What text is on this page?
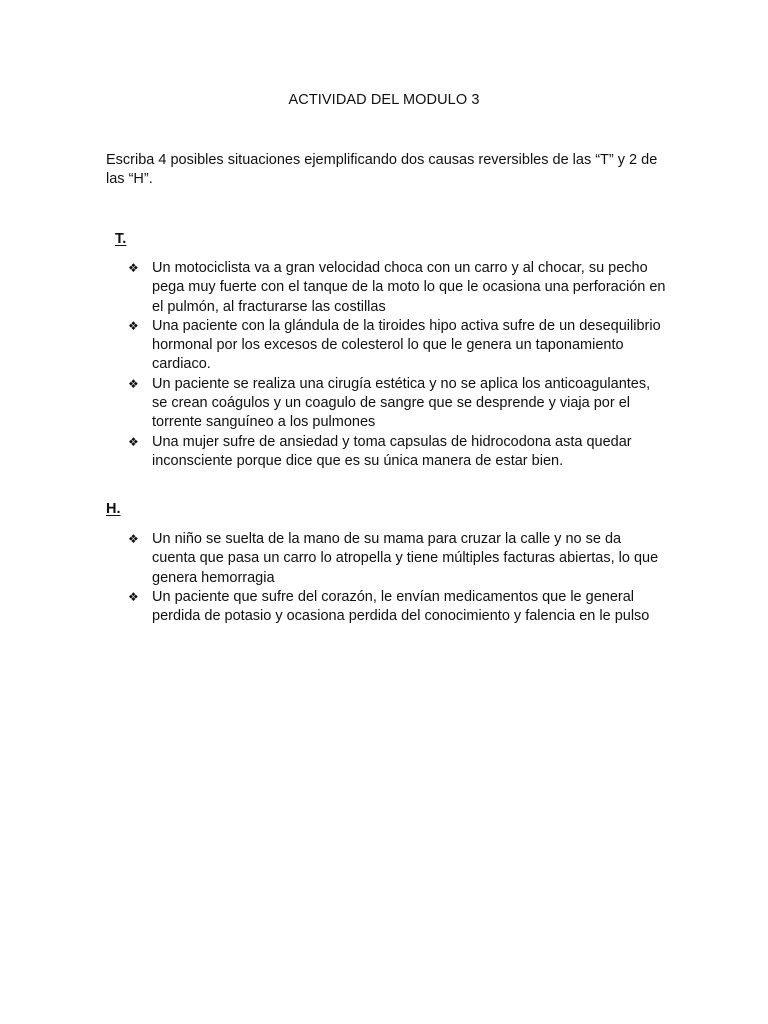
ACTIVIDAD DEL MODULO 3
Escriba 4 posibles situaciones ejemplificando dos causas reversibles de las “T” y 2 de las “H”.
T.
❖ Un motociclista va a gran velocidad choca con un carro y al chocar, su pecho pega muy fuerte con el tanque de la moto lo que le ocasiona una perforación en el pulmón, al fracturarse las costillas
❖ Una paciente con la glándula de la tiroides hipo activa sufre de un desequilibrio hormonal por los excesos de colesterol lo que le genera un taponamiento cardiaco.
❖ Un paciente se realiza una cirugía estética y no se aplica los anticoagulantes, se crean coágulos y un coagulo de sangre que se desprende y viaja por el torrente sanguíneo a los pulmones
❖ Una mujer sufre de ansiedad y toma capsulas de hidrocodona asta quedar inconsciente porque dice que es su única manera de estar bien.
H.
❖ Un niño se suelta de la mano de su mama para cruzar la calle y no se da cuenta que pasa un carro lo atropella y tiene múltiples facturas abiertas, lo que genera hemorragia
❖ Un paciente que sufre del corazón, le envían medicamentos que le general perdida de potasio y ocasiona perdida del conocimiento y falencia en le pulso
